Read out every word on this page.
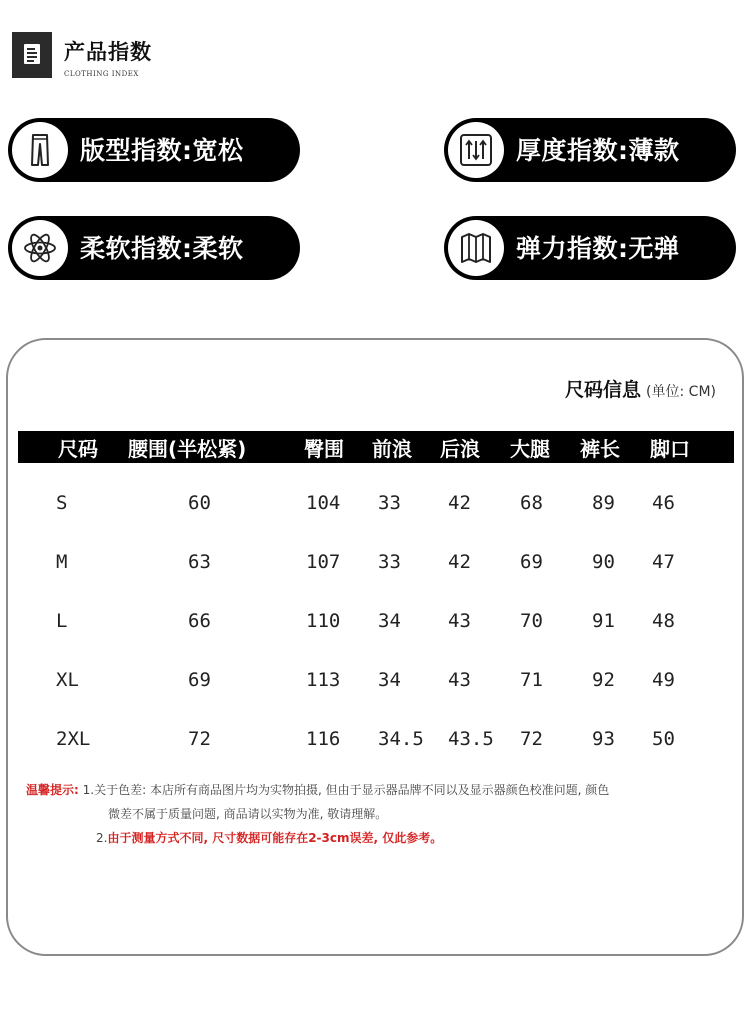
产品指数
CLOTHING INDEX
版型指数:宽松	厚度指数:薄款
柔软指数:柔软	弹力指数:无弹
尺码信息 (单位: CM)
尺码 腰围(半松紧)	臀围 前浪 后浪 大腿 裤长 脚口
S	60	104 33 42	68	89 46
M	63	107 33 42	69	90 47
L	66	110 34 43	70	91 48
XL	69	113 34 43	71	92 49
2XL	72	116 34.5 43.5 72	93 50
温馨提示: 1.关于色差: 本店所有商品图片均为实物拍摄, 但由于显示器品牌不同以及显示器颜色校准问题, 颜色
微差不属于质量问题, 商品请以实物为准, 敬请理解。
2.由于测量方式不同, 尺寸数据可能存在2-3cm误差, 仅此参考。
